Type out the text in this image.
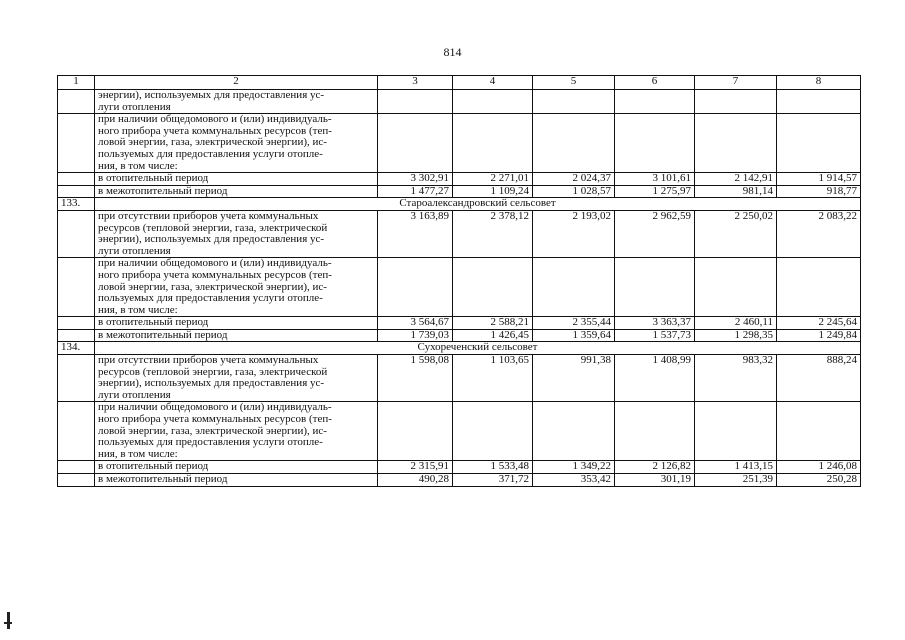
814
1	2	3	4	5	6	7	8

	энергии), используемых для предоставления ус-
луги отопления						

	при наличии общедомового и (или) индивидуаль-
ного прибора учета коммунальных ресурсов (теп-
ловой энергии, газа, электрической энергии), ис-
пользуемых для предоставления услуги отопле-
ния, в том числе:						

	в отопительный период	3 302,91	2 271,01	2 024,37	3 101,61	2 142,91	1 914,57

	в межотопительный период	1 477,27	1 109,24	1 028,57	1 275,97	981,14	918,77
133.	Староалександровский сельсовет						

	при отсутствии приборов учета коммунальных
ресурсов (тепловой энергии, газа, электрической
энергии), используемых для предоставления ус-
луги отопления	3 163,89	2 378,12	2 193,02	2 962,59	2 250,02	2 083,22

	при наличии общедомового и (или) индивидуаль-
ного прибора учета коммунальных ресурсов (теп-
ловой энергии, газа, электрической энергии), ис-
пользуемых для предоставления услуги отопле-
ния, в том числе:						

	в отопительный период	3 564,67	2 588,21	2 355,44	3 363,37	2 460,11	2 245,64

	в межотопительный период	1 739,03	1 426,45	1 359,64	1 537,73	1 298,35	1 249,84
134.	Сухореченский сельсовет						

	при отсутствии приборов учета коммунальных
ресурсов (тепловой энергии, газа, электрической
энергии), используемых для предоставления ус-
луги отопления	1 598,08	1 103,65	991,38	1 408,99	983,32	888,24

	при наличии общедомового и (или) индивидуаль-
ного прибора учета коммунальных ресурсов (теп-
ловой энергии, газа, электрической энергии), ис-
пользуемых для предоставления услуги отопле-
ния, в том числе:						

	в отопительный период	2 315,91	1 533,48	1 349,22	2 126,82	1 413,15	1 246,08

	в межотопительный период	490,28	371,72	353,42	301,19	251,39	250,28
